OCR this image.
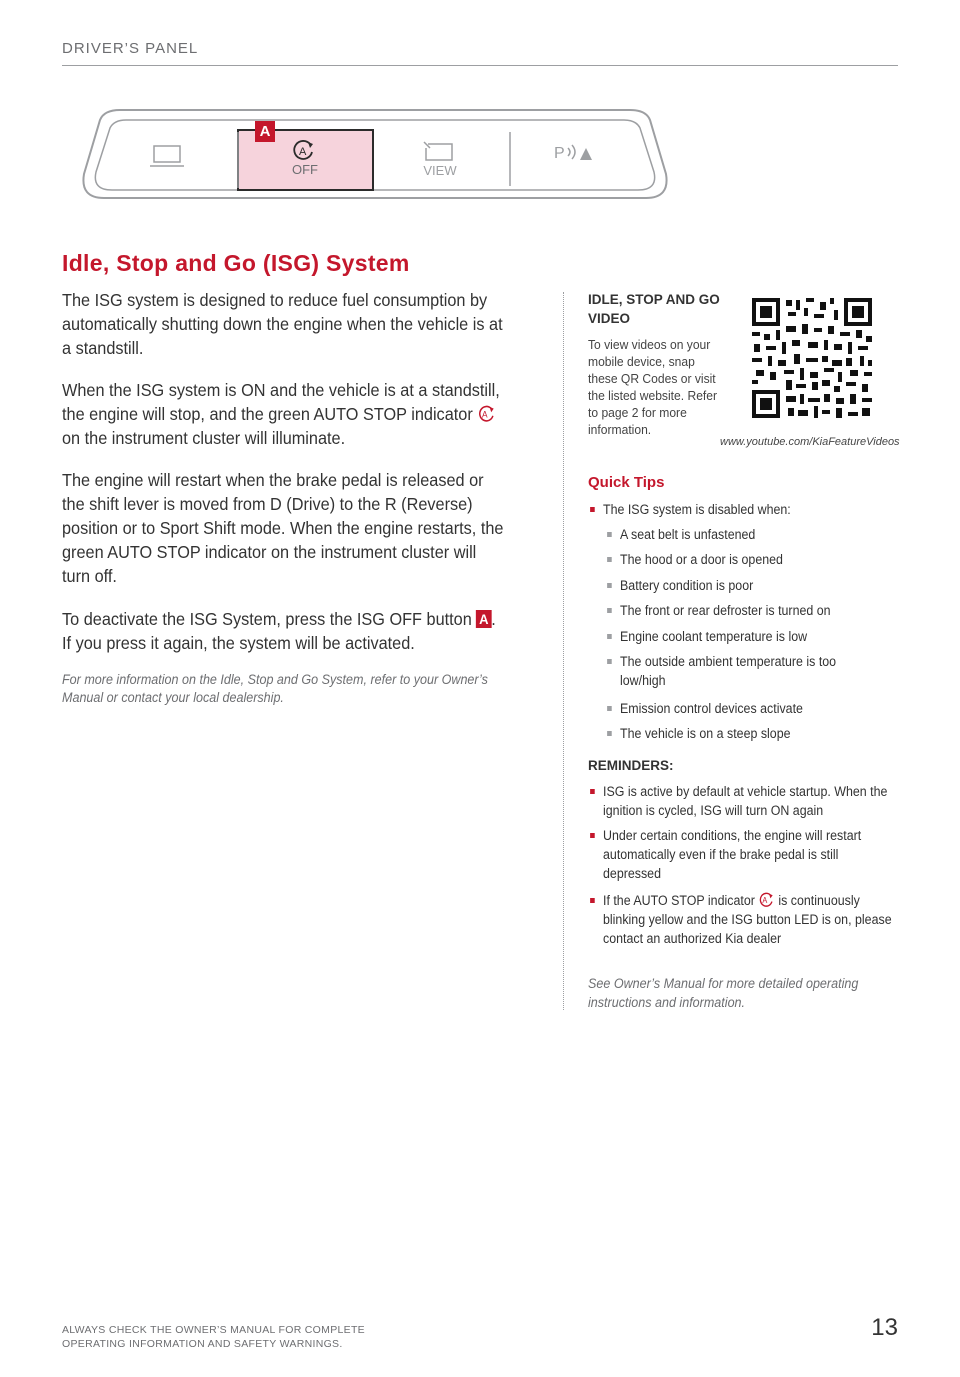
DRIVER’S PANEL
P
A
A
OFF	VIEW
Idle, Stop and Go (ISG) System

The ISG system is designed to reduce fuel consumption by automatically shutting down the engine when the vehicle is at a standstill.

When the ISG system is ON and the vehicle is at a standstill, the engine will stop, and the green AUTO STOP indicator A
on the instrument cluster will illuminate.

The engine will restart when the brake pedal is released or the shift lever is moved from D (Drive) to the R (Reverse) position or to Sport Shift mode. When the engine restarts, the green AUTO STOP indicator on the instrument cluster will turn off.

To deactivate the ISG System, press the ISG OFF button A . If you press it again, the system will be activated.

For more information on the Idle, Stop and Go System, refer to your Owner’s Manual or contact your local dealership.

IDLE, STOP AND GO VIDEO
To view videos on your mobile device, snap these QR Codes or visit the listed website. Refer to page 2 for more information.
www.youtube.com/KiaFeatureVideos
Quick Tips
The ISG system is disabled when:
A seat belt is unfastened
The hood or a door is opened
Battery condition is poor
The front or rear defroster is turned on
Engine coolant temperature is low
The outside ambient temperature is too low/high
Emission control devices activate
The vehicle is on a steep slope
REMINDERS:
ISG is active by default at vehicle startup. When the ignition is cycled, ISG will turn ON again
Under certain conditions, the engine will restart automatically even if the brake pedal is still depressed
If the AUTO STOP indicator A is continuously blinking yellow and the ISG button LED is on, please contact an authorized Kia dealer
See Owner’s Manual for more detailed operating instructions and information.
ALWAYS CHECK THE OWNER’S MANUAL FOR COMPLETE
OPERATING INFORMATION AND SAFETY WARNINGS.
13
